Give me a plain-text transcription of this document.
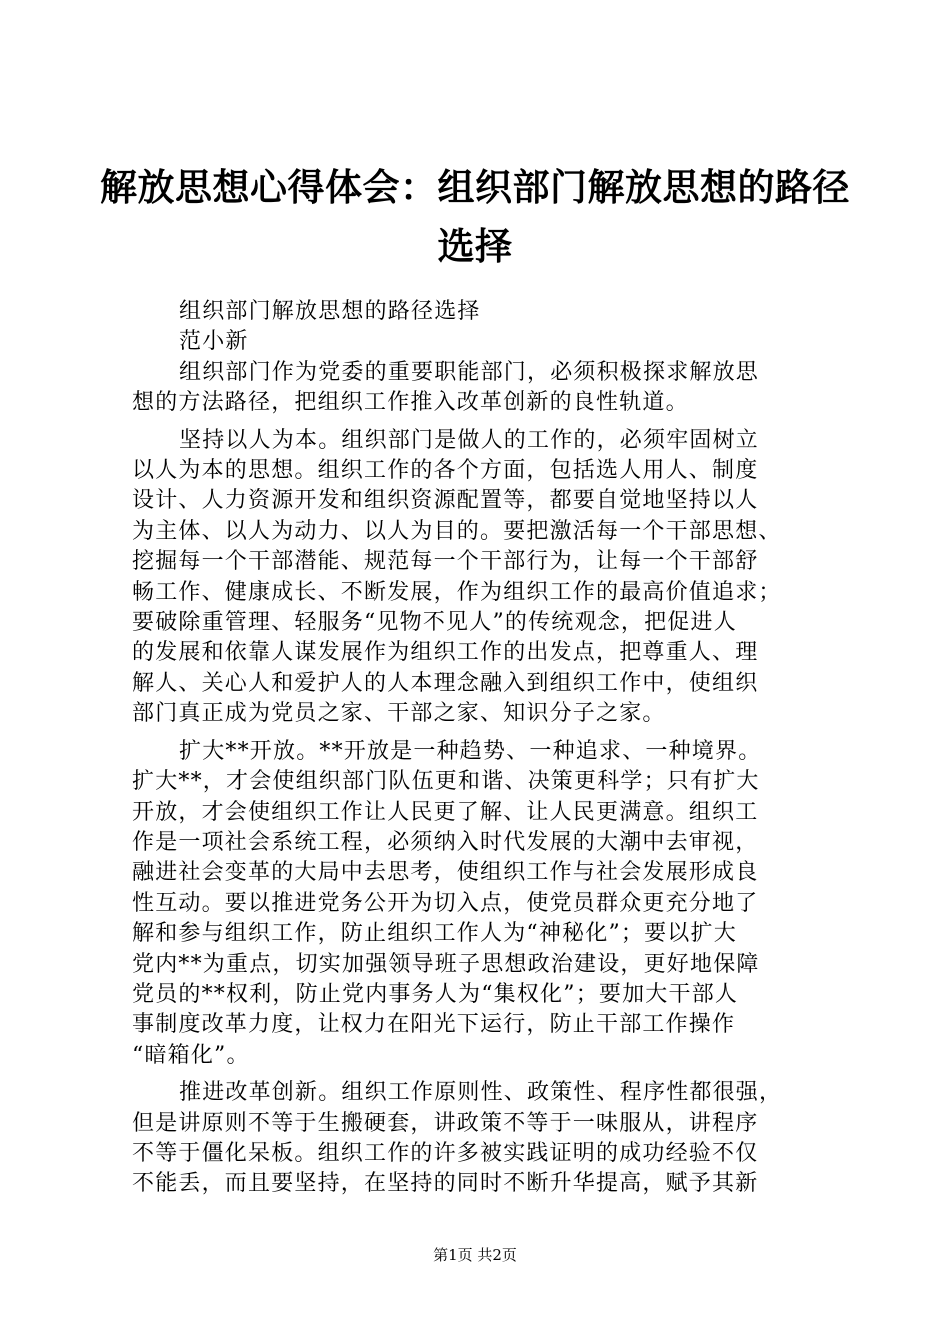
解放思想心得体会：组织部门解放思想的路径
选择
组织部门解放思想的路径选择
范小新
组织部门作为党委的重要职能部门，必须积极探求解放思
想的方法路径，把组织工作推入改革创新的良性轨道。
坚持以人为本。组织部门是做人的工作的，必须牢固树立
以人为本的思想。组织工作的各个方面，包括选人用人、制度
设计、人力资源开发和组织资源配置等，都要自觉地坚持以人
为主体、以人为动力、以人为目的。要把激活每一个干部思想、
挖掘每一个干部潜能、规范每一个干部行为，让每一个干部舒
畅工作、健康成长、不断发展，作为组织工作的最高价值追求；
要破除重管理、轻服务“见物不见人”的传统观念，把促进人
的发展和依靠人谋发展作为组织工作的出发点，把尊重人、理
解人、关心人和爱护人的人本理念融入到组织工作中，使组织
部门真正成为党员之家、干部之家、知识分子之家。
扩大**开放。**开放是一种趋势、一种追求、一种境界。
扩大**，才会使组织部门队伍更和谐、决策更科学；只有扩大
开放，才会使组织工作让人民更了解、让人民更满意。组织工
作是一项社会系统工程，必须纳入时代发展的大潮中去审视，
融进社会变革的大局中去思考，使组织工作与社会发展形成良
性互动。要以推进党务公开为切入点，使党员群众更充分地了
解和参与组织工作，防止组织工作人为“神秘化”；要以扩大
党内**为重点，切实加强领导班子思想政治建设，更好地保障
党员的**权利，防止党内事务人为“集权化”；要加大干部人
事制度改革力度，让权力在阳光下运行，防止干部工作操作
“暗箱化”。
推进改革创新。组织工作原则性、政策性、程序性都很强，
但是讲原则不等于生搬硬套，讲政策不等于一味服从，讲程序
不等于僵化呆板。组织工作的许多被实践证明的成功经验不仅
不能丢，而且要坚持，在坚持的同时不断升华提高，赋予其新
第1页 共2页
